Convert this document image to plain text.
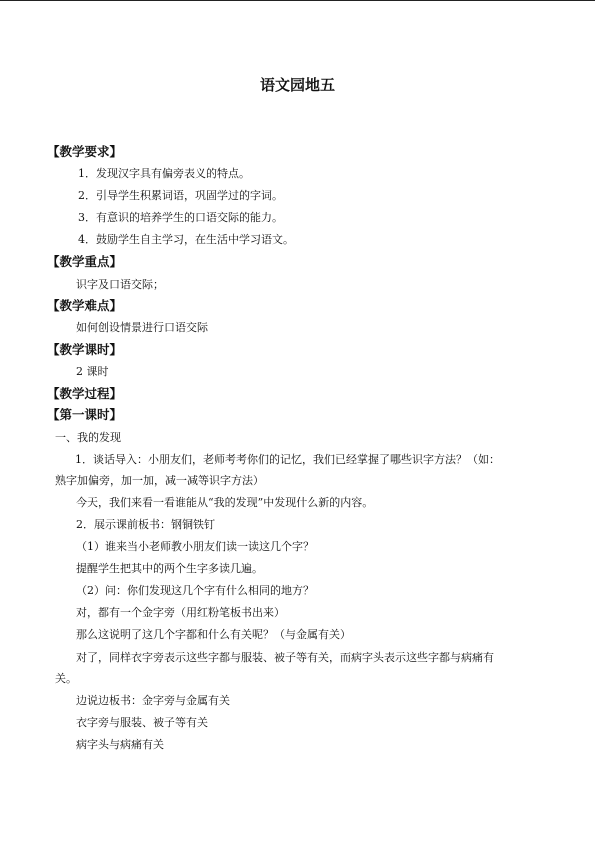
语文园地五
【教学要求】
1．发现汉字具有偏旁表义的特点。
2．引导学生积累词语，巩固学过的字词。
3．有意识的培养学生的口语交际的能力。
4．鼓励学生自主学习，在生活中学习语文。
【教学重点】
识字及口语交际；
【教学难点】
如何创设情景进行口语交际
【教学课时】
2 课时
【教学过程】
【第一课时】
一、我的发现
1．谈话导入：小朋友们，老师考考你们的记忆，我们已经掌握了哪些识字方法？（如：
熟字加偏旁，加一加，减一减等识字方法）
今天，我们来看一看谁能从“我的发现”中发现什么新的内容。
2．展示课前板书：钢铜铁钉
（1）谁来当小老师教小朋友们读一读这几个字？
提醒学生把其中的两个生字多读几遍。
（2）问：你们发现这几个字有什么相同的地方？
对，都有一个金字旁（用红粉笔板书出来）
那么这说明了这几个字都和什么有关呢？（与金属有关）
对了，同样衣字旁表示这些字都与服装、被子等有关，而病字头表示这些字都与病痛有
关。
边说边板书：金字旁与金属有关
衣字旁与服装、被子等有关
病字头与病痛有关
